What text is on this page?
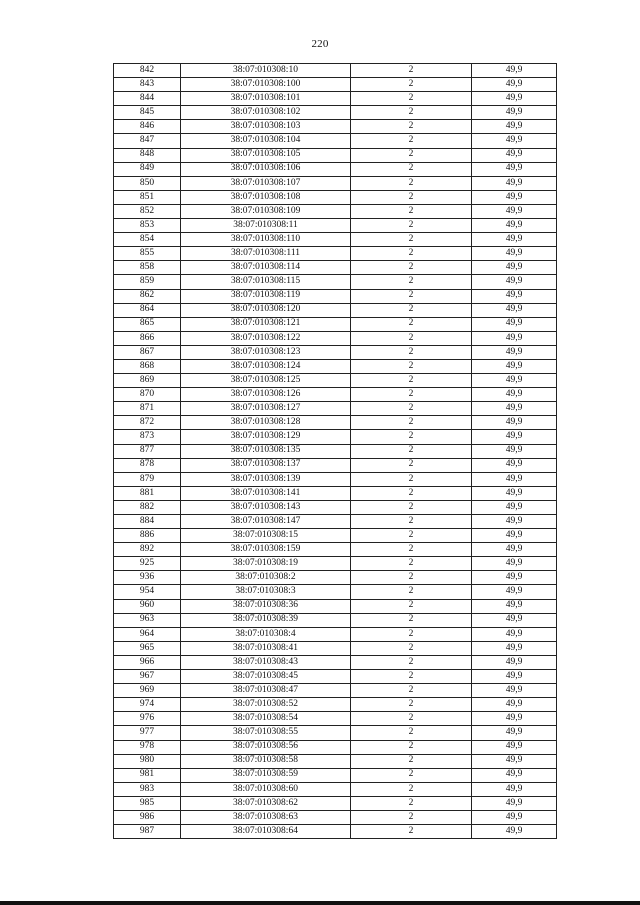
220
842	38:07:010308:10	2	49,9
843	38:07:010308:100	2	49,9
844	38:07:010308:101	2	49,9
845	38:07:010308:102	2	49,9
846	38:07:010308:103	2	49,9
847	38:07:010308:104	2	49,9
848	38:07:010308:105	2	49,9
849	38:07:010308:106	2	49,9
850	38:07:010308:107	2	49,9
851	38:07:010308:108	2	49,9
852	38:07:010308:109	2	49,9
853	38:07:010308:11	2	49,9
854	38:07:010308:110	2	49,9
855	38:07:010308:111	2	49,9
858	38:07:010308:114	2	49,9
859	38:07:010308:115	2	49,9
862	38:07:010308:119	2	49,9
864	38:07:010308:120	2	49,9
865	38:07:010308:121	2	49,9
866	38:07:010308:122	2	49,9
867	38:07:010308:123	2	49,9
868	38:07:010308:124	2	49,9
869	38:07:010308:125	2	49,9
870	38:07:010308:126	2	49,9
871	38:07:010308:127	2	49,9
872	38:07:010308:128	2	49,9
873	38:07:010308:129	2	49,9
877	38:07:010308:135	2	49,9
878	38:07:010308:137	2	49,9
879	38:07:010308:139	2	49,9
881	38:07:010308:141	2	49,9
882	38:07:010308:143	2	49,9
884	38:07:010308:147	2	49,9
886	38:07:010308:15	2	49,9
892	38:07:010308:159	2	49,9
925	38:07:010308:19	2	49,9
936	38:07:010308:2	2	49,9
954	38:07:010308:3	2	49,9
960	38:07:010308:36	2	49,9
963	38:07:010308:39	2	49,9
964	38:07:010308:4	2	49,9
965	38:07:010308:41	2	49,9
966	38:07:010308:43	2	49,9
967	38:07:010308:45	2	49,9
969	38:07:010308:47	2	49,9
974	38:07:010308:52	2	49,9
976	38:07:010308:54	2	49,9
977	38:07:010308:55	2	49,9
978	38:07:010308:56	2	49,9
980	38:07:010308:58	2	49,9
981	38:07:010308:59	2	49,9
983	38:07:010308:60	2	49,9
985	38:07:010308:62	2	49,9
986	38:07:010308:63	2	49,9
987	38:07:010308:64	2	49,9
